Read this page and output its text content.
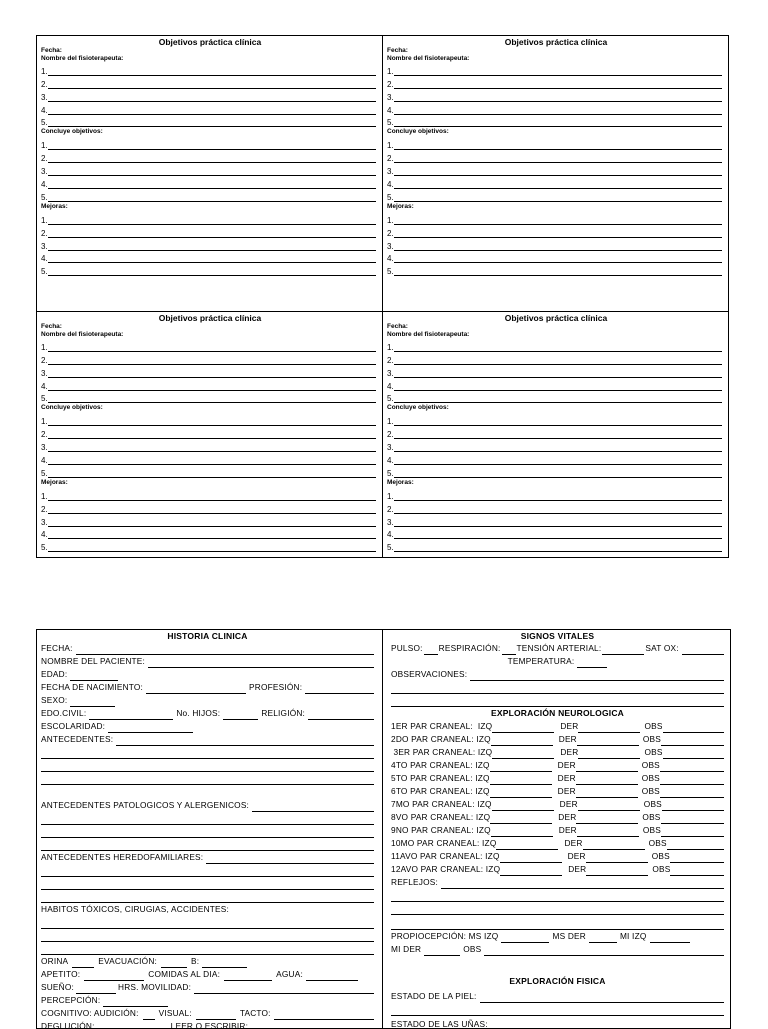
Objetivos práctica clínica
Fecha:
Nombre del fisioterapeuta:
1.
2.
3.
4.
5.
Concluye objetivos:
1.
2.
3.
4.
5.
Mejoras:
1.
2.
3.
4.
5.
Objetivos práctica clínica
Fecha:
Nombre del fisioterapeuta:
1.
2.
3.
4.
5.
Concluye objetivos:
1.
2.
3.
4.
5.
Mejoras:
1.
2.
3.
4.
5.
Objetivos práctica clínica
Fecha:
Nombre del fisioterapeuta:
1.
2.
3.
4.
5.
Concluye objetivos:
1.
2.
3.
4.
5.
Mejoras:
1.
2.
3.
4.
5.
Objetivos práctica clínica
Fecha:
Nombre del fisioterapeuta:
1.
2.
3.
4.
5.
Concluye objetivos:
1.
2.
3.
4.
5.
Mejoras:
1.
2.
3.
4.
5.
HISTORIA CLINICA
FECHA:
NOMBRE DEL PACIENTE:
EDAD:
FECHA DE NACIMIENTO:	PROFESIÓN:
SEXO:
EDO.CIVIL:	No. HIJOS:	RELIGIÓN:
ESCOLARIDAD:
ANTECEDENTES:
ANTECEDENTES PATOLOGICOS Y ALERGENICOS:
ANTECEDENTES HEREDOFAMILIARES:
HABITOS TÓXICOS, CIRUGIAS, ACCIDENTES:
ORINA	EVACUACIÓN:	B:
APETITO:	COMIDAS AL DIA:	AGUA:
SUEÑO:	HRS. MOVILIDAD:
PERCEPCIÓN:
COGNITIVO: AUDICIÓN: VISUAL:	TACTO:
DEGLUCIÓN:	LEER O ESCRIBIR:
SIGNOS VITALES
PULSO: RESPIRACIÓN: TENSIÓN ARTERIAL:	SAT OX:
TEMPERATURA:
OBSERVACIONES:
EXPLORACIÓN NEUROLOGICA
1ER PAR CRANEAL:  IZQ	DER	OBS
2DO PAR CRANEAL: IZQ	DER	OBS
3ER PAR CRANEAL: IZQ	DER	OBS
4TO PAR CRANEAL: IZQ	DER	OBS
5TO PAR CRANEAL: IZQ	DER	OBS
6TO PAR CRANEAL: IZQ	DER	OBS
7MO PAR CRANEAL: IZQ	DER	OBS
8VO PAR CRANEAL: IZQ	DER	OBS
9NO PAR CRANEAL: IZQ	DER	OBS
10MO PAR CRANEAL: IZQ	DER	OBS
11AVO PAR CRANEAL: IZQ	DER	OBS
12AVO PAR CRANEAL: IZQ	DER	OBS
REFLEJOS:
PROPIOCEPCIÓN: MS IZQ	MS DER	MI IZQ
MI DER	OBS
EXPLORACIÓN FISICA
ESTADO DE LA PIEL:
ESTADO DE LAS UÑAS:
